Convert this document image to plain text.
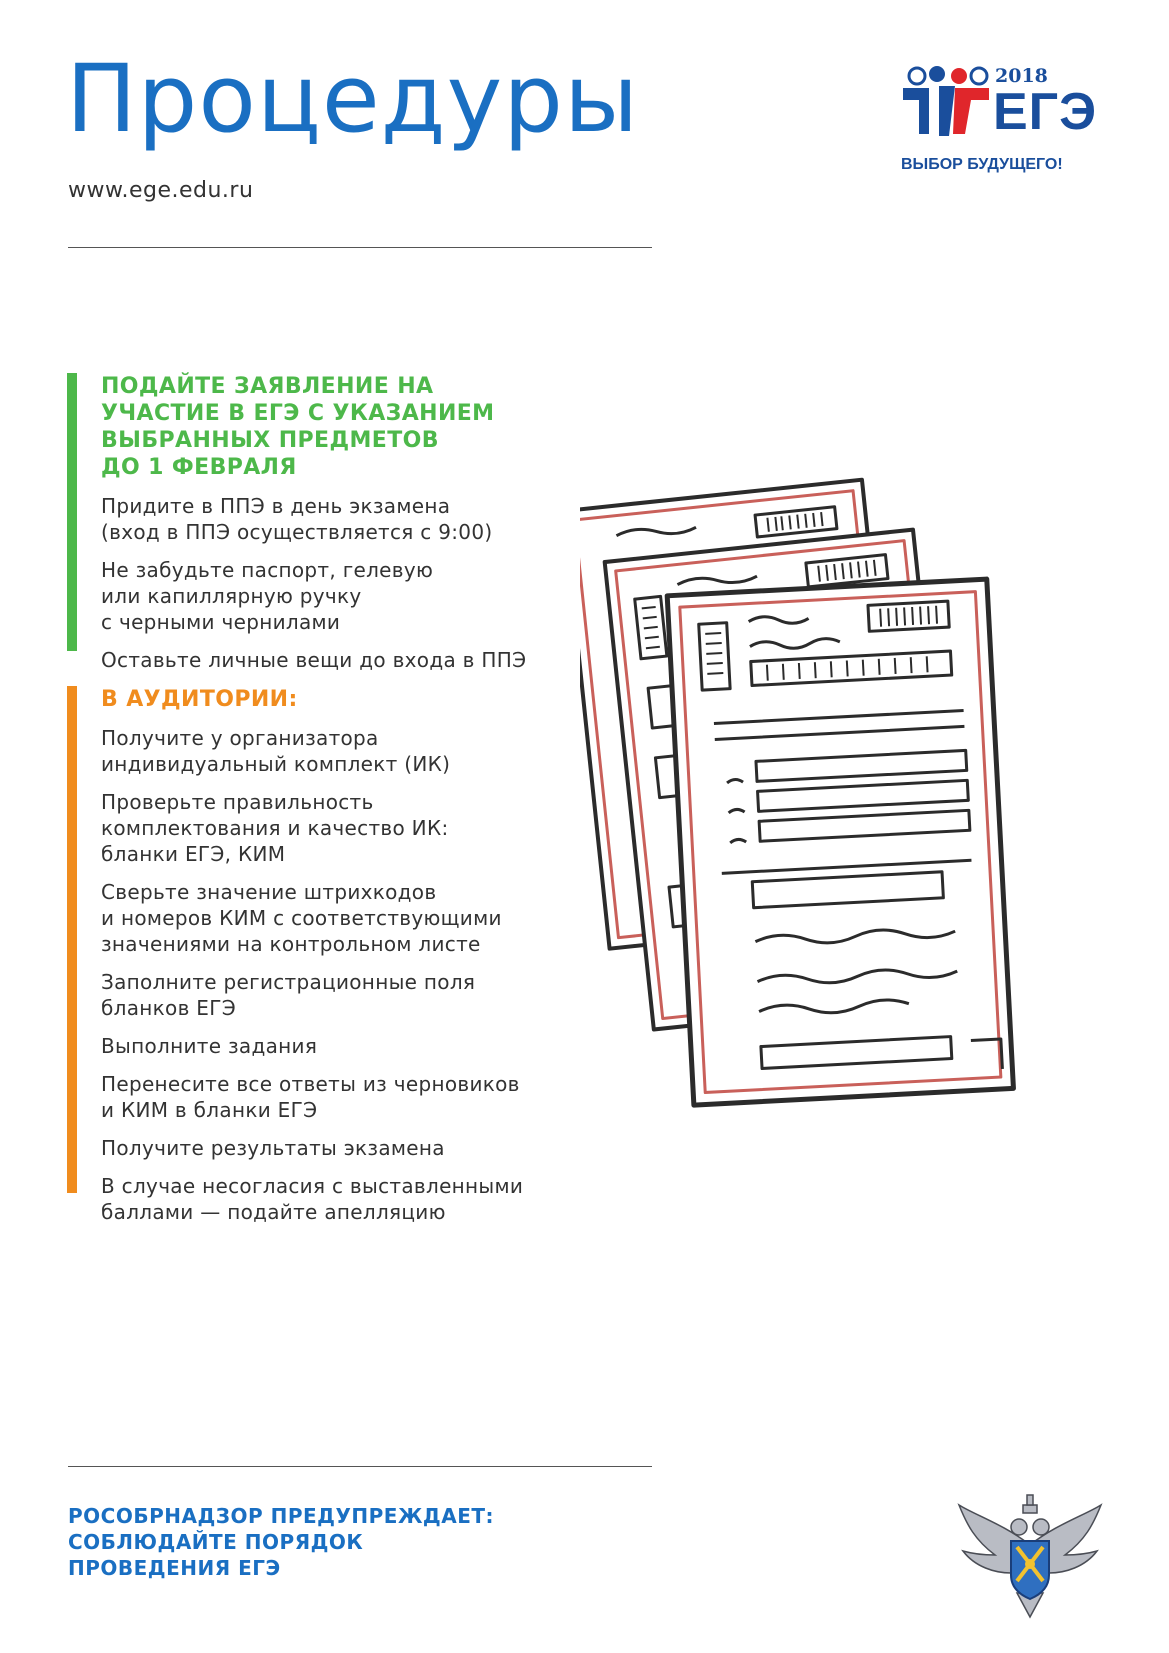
Процедуры
www.ege.edu.ru
2018
ЕГЭ
ВЫБОР БУДУЩЕГО!
ПОДАЙТЕ ЗАЯВЛЕНИЕ НА
УЧАСТИЕ В ЕГЭ С УКАЗАНИЕМ
ВЫБРАННЫХ ПРЕДМЕТОВ
ДО 1 ФЕВРАЛЯ
Придите в ППЭ в день экзамена
(вход в ППЭ осуществляется с 9:00)
Не забудьте паспорт, гелевую
или капиллярную ручку
с черными чернилами
Оставьте личные вещи до входа в ППЭ
В АУДИТОРИИ:
Получите у организатора
индивидуальный комплект (ИК)
Проверьте правильность
комплектования и качество ИК:
бланки ЕГЭ, КИМ
Сверьте значение штрихкодов
и номеров КИМ с соответствующими
значениями на контрольном листе
Заполните регистрационные поля
бланков ЕГЭ
Выполните задания
Перенесите все ответы из черновиков
и КИМ в бланки ЕГЭ
Получите результаты экзамена
В случае несогласия с выставленными
баллами — подайте апелляцию
РОСОБРНАДЗОР ПРЕДУПРЕЖДАЕТ:
СОБЛЮДАЙТЕ ПОРЯДОК
ПРОВЕДЕНИЯ ЕГЭ
